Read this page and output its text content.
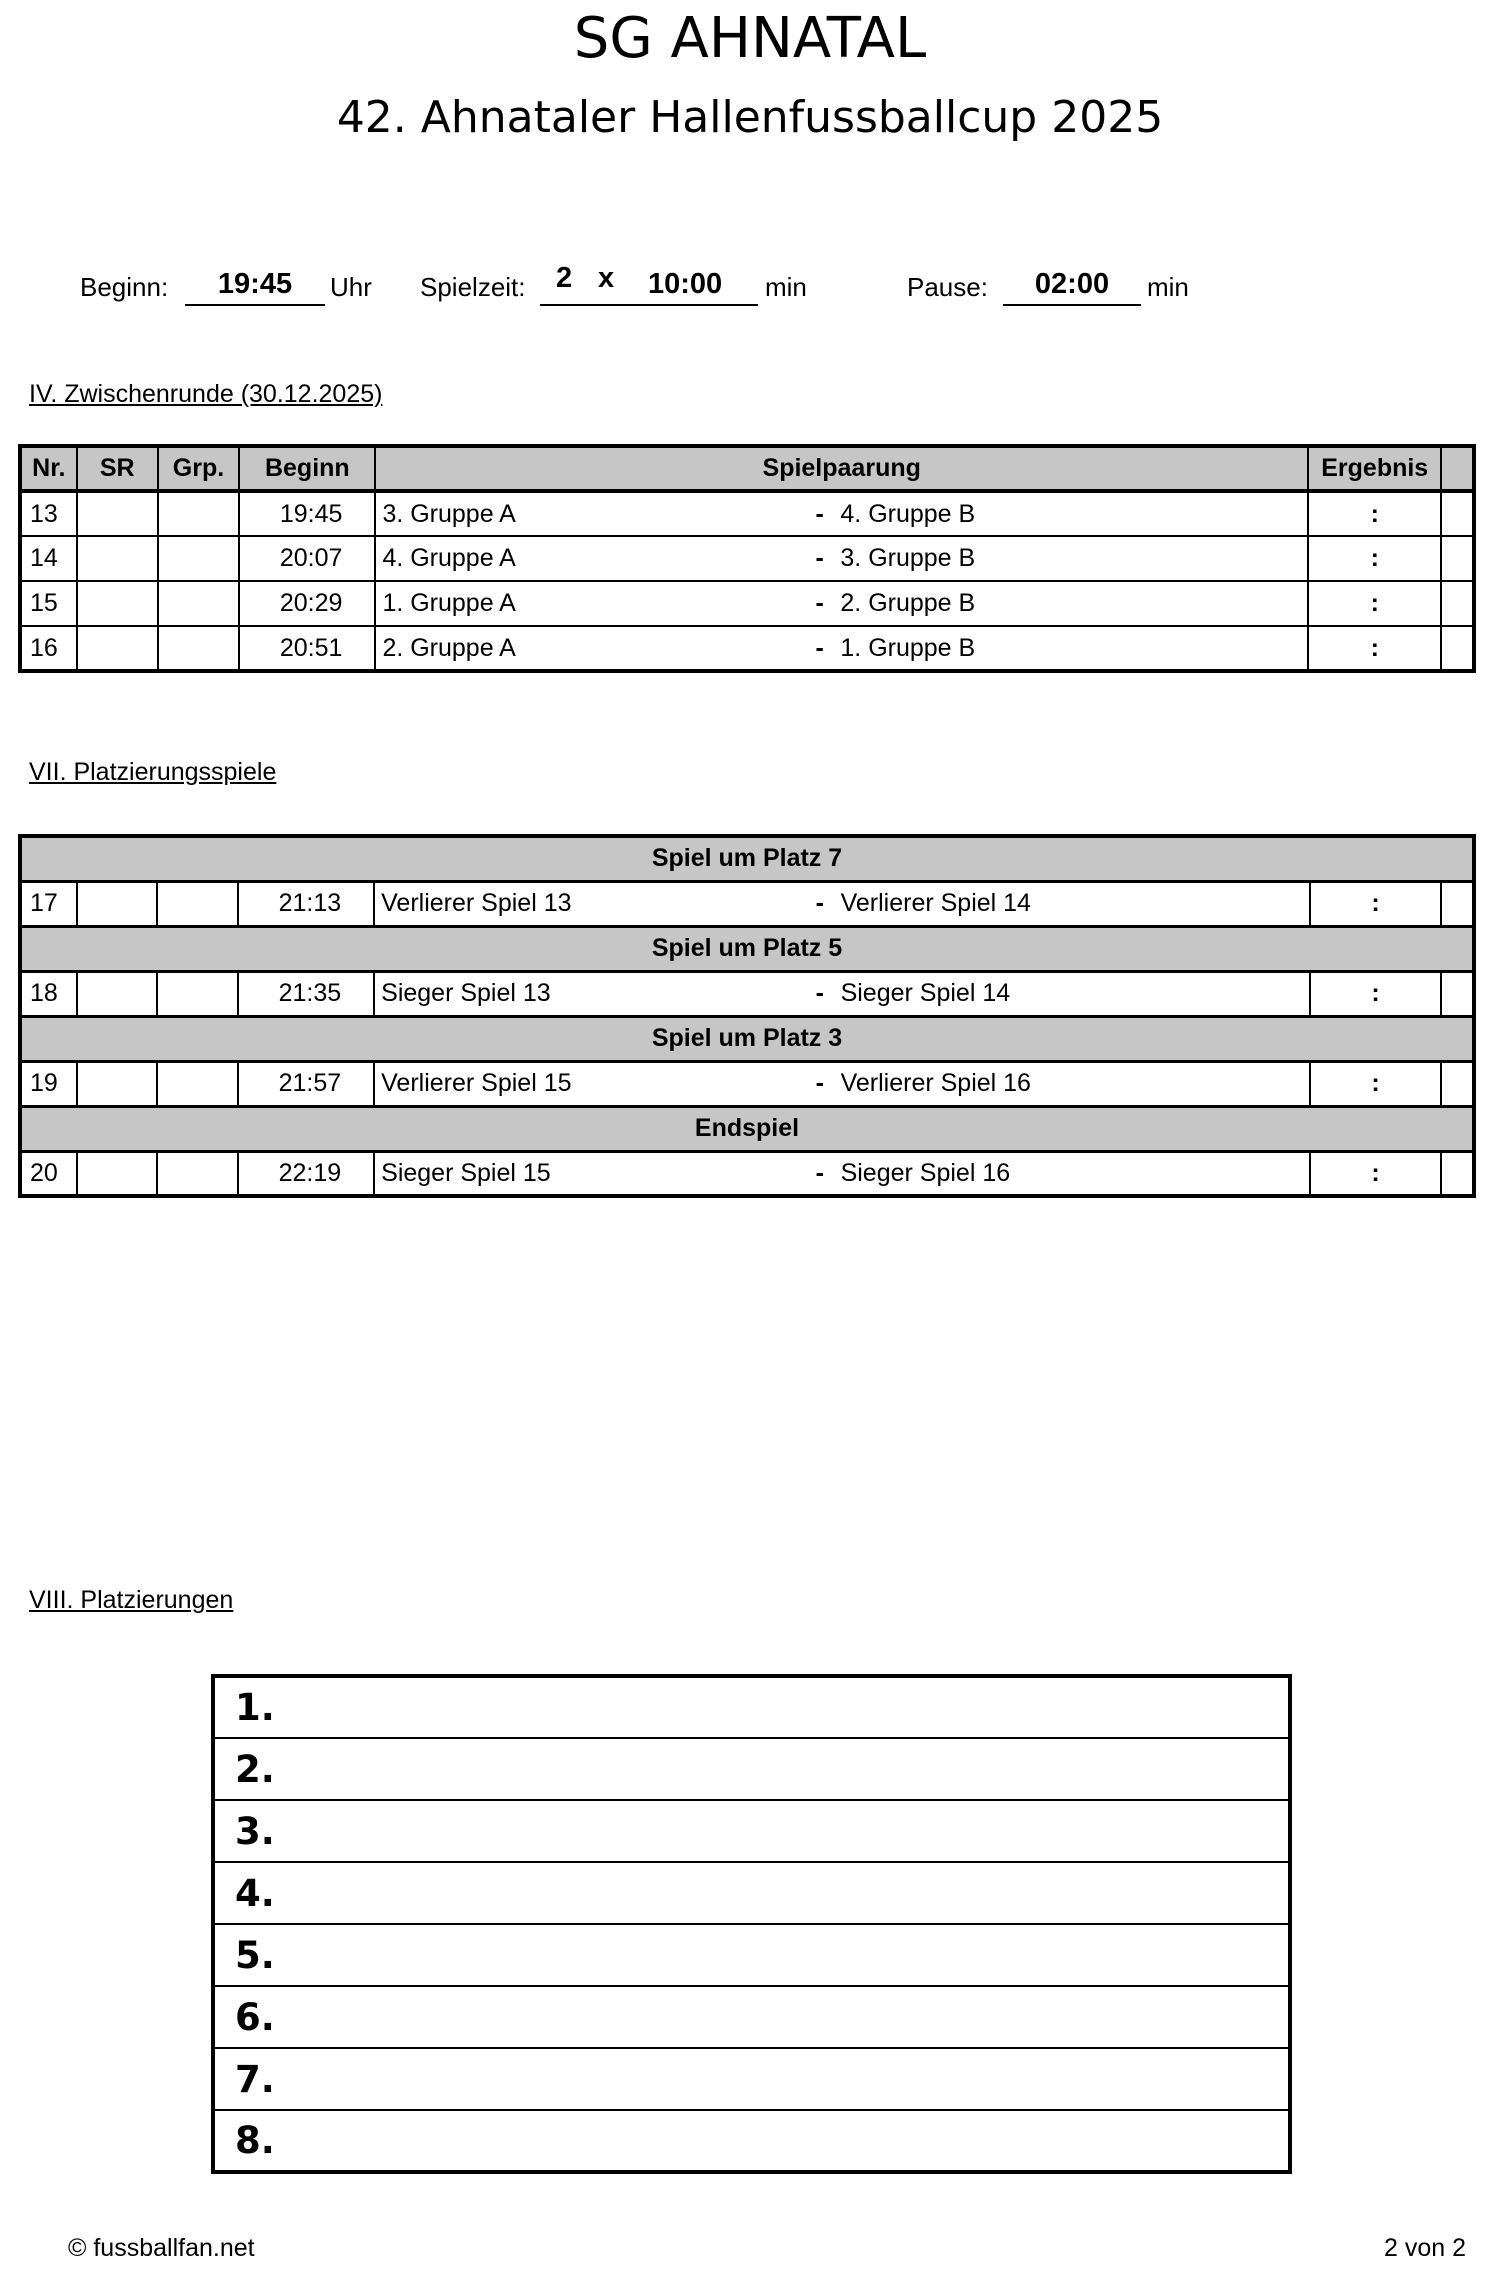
SG AHNATAL
42. Ahnataler Hallenfussballcup 2025
Beginn:	19:45	Uhr Spielzeit: 2 x 10:00 min	Pause:	02:00	min
IV. Zwischenrunde (30.12.2025)
Nr.	SR	Grp.	Beginn	Spielpaarung			Ergebnis	
13			19:45	3. Gruppe A	-	4. Gruppe B	:	
14			20:07	4. Gruppe A	-	3. Gruppe B	:	
15			20:29	1. Gruppe A	-	2. Gruppe B	:	
16			20:51	2. Gruppe A	-	1. Gruppe B	:	
VII. Platzierungsspiele
Spiel um Platz 7								
17			21:13	Verlierer Spiel 13	-	Verlierer Spiel 14	:	
Spiel um Platz 5								
18			21:35	Sieger Spiel 13	-	Sieger Spiel 14	:	
Spiel um Platz 3								
19			21:57	Verlierer Spiel 15	-	Verlierer Spiel 16	:	
Endspiel								
20			22:19	Sieger Spiel 15	-	Sieger Spiel 16	:	
VIII. Platzierungen
1.
2.
3.
4.
5.
6.
7.
8.
© fussballfan.net	2 von 2
